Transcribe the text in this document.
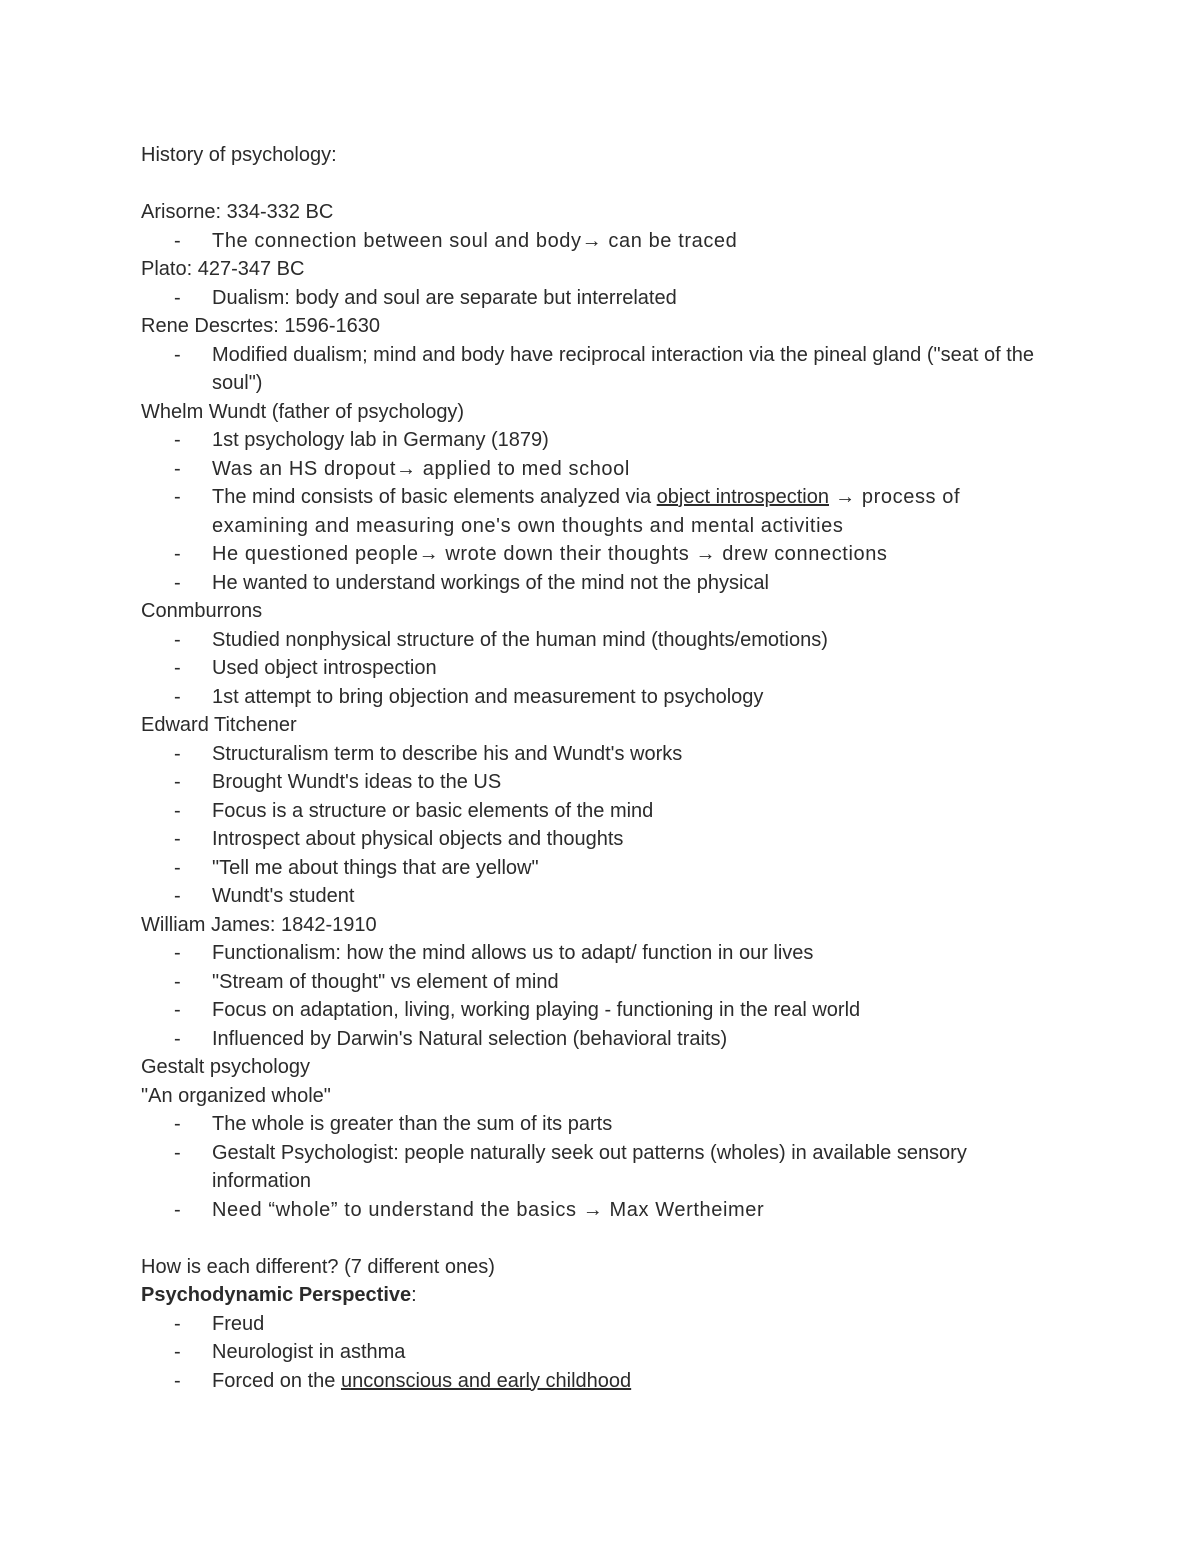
History of psychology:
Arisorne: 334-332 BC
- The connection between soul and body→ can be traced
Plato: 427-347 BC
- Dualism: body and soul are separate but interrelated
Rene Descrtes: 1596-1630
- Modified dualism; mind and body have reciprocal interaction via the pineal gland ("seat of the soul")
Whelm Wundt (father of psychology)
- 1st psychology lab in Germany (1879)
- Was an HS dropout→ applied to med school
- The mind consists of basic elements analyzed via object introspection → process of examining and measuring one's own thoughts and mental activities
- He questioned people→ wrote down their thoughts → drew connections
- He wanted to understand workings of the mind not the physical
Conmburrons
- Studied nonphysical structure of the human mind (thoughts/emotions)
- Used object introspection
- 1st attempt to bring objection and measurement to psychology
Edward Titchener
- Structuralism term to describe his and Wundt's works
- Brought Wundt's ideas to the US
- Focus is a structure or basic elements of the mind
- Introspect about physical objects and thoughts
- "Tell me about things that are yellow"
- Wundt's student
William James: 1842-1910
- Functionalism: how the mind allows us to adapt/ function in our lives
- "Stream of thought" vs element of mind
- Focus on adaptation, living, working playing - functioning in the real world
- Influenced by Darwin's Natural selection (behavioral traits)
Gestalt psychology
"An organized whole"
- The whole is greater than the sum of its parts
- Gestalt Psychologist: people naturally seek out patterns (wholes) in available sensory information
- Need “whole” to understand the basics → Max Wertheimer
How is each different? (7 different ones)
Psychodynamic Perspective:
- Freud
- Neurologist in asthma
- Forced on the unconscious and early childhood
